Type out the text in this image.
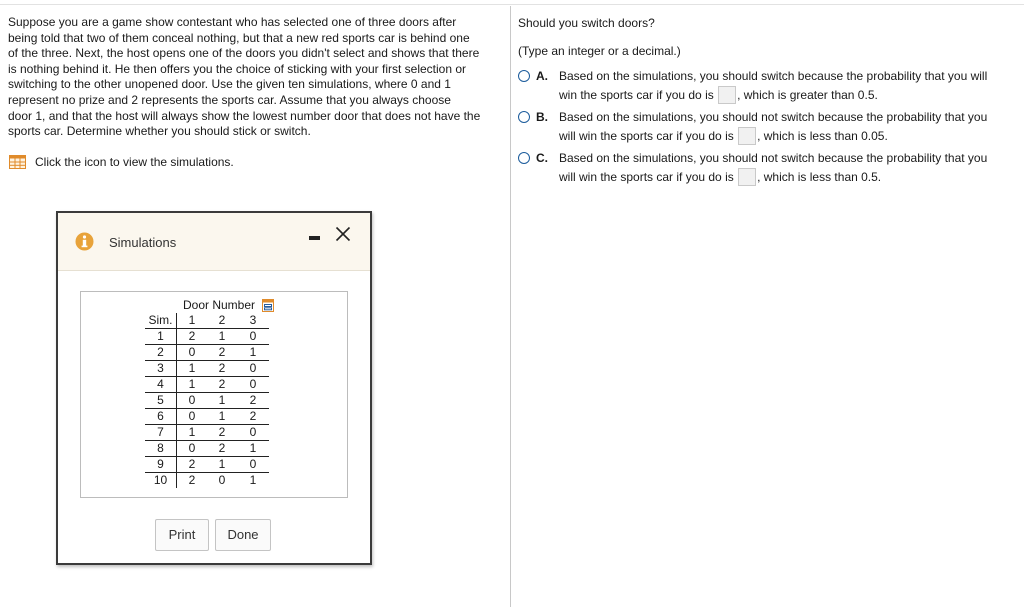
Suppose you are a game show contestant who has selected one of three doors after
being told that two of them conceal nothing, but that a new red sports car is behind one
of the three. Next, the host opens one of the doors you didn't select and shows that there
is nothing behind it. He then offers you the choice of sticking with your first selection or
switching to the other unopened door. Use the given ten simulations, where 0 and 1
represent no prize and 2 represents the sports car. Assume that you always choose
door 1, and that the host will always show the lowest number door that does not have the
sports car. Determine whether you should stick or switch.
Click the icon to view the simulations.
Should you switch doors?
(Type an integer or a decimal.)
A. Based on the simulations, you should switch because the probability that you will
win the sports car if you do is , which is greater than 0.5.
B. Based on the simulations, you should not switch because the probability that you
will win the sports car if you do is , which is less than 0.05.
C. Based on the simulations, you should not switch because the probability that you
will win the sports car if you do is , which is less than 0.5.
Simulations
Door Number
Sim.	1	2	3
1	2	1	0
2	0	2	1
3	1	2	0
4	1	2	0
5	0	1	2
6	0	1	2
7	1	2	0
8	0	2	1
9	2	1	0
10	2	0	1
Print	Done
